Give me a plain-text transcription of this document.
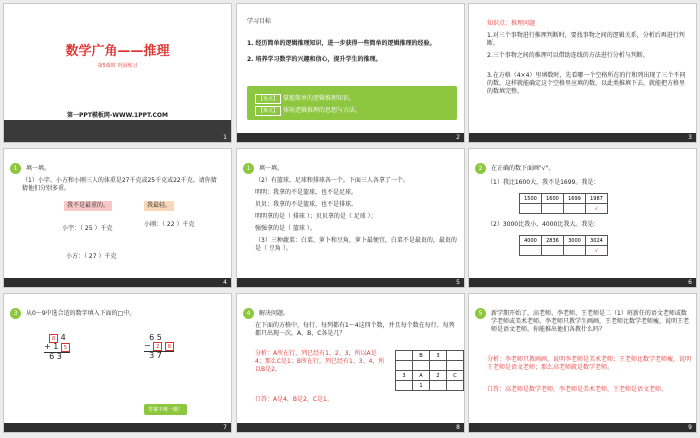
数学广角——推理
第5课时 巩固练习
第一PPT模板网-WWW.1PPT.COM
1
学习目标
1. 经历简单的逻辑推理知识，进一步获得一些简单的逻辑推理的经验。
2. 培养学习数学的兴趣和信心，提升学生的推理。
【重点】 掌握简单的逻辑推理知识。
【难点】 体验逻辑推理的思想与方法。
2
知识点：推理问题
1.对三个事物进行推理判断时，要找事物之间的逻辑关系，分析后再进行判断。
2.三个事物之间的推理可以借助连线的方法进行分析与判断。
3.在方格（4×4）里填数时，先看哪一个空格所在的行和列出现了三个不同的数，这样就能确定这个空格里应填的数，以此类推填下去，就能把方格里的数填完整。
3
1	填一填。
（1）小字、小方和小刚三人的体重是27千克或25千克或22千克。请你猜猜他们分别多重。
我不是最重的。	我最轻。
小宇：（ 25 ）千克
小刚：（ 22 ）千克
小方：（ 27 ）千克
4
1	填一填。
（2）有篮球、足球和排球各一个。下面三人各拿了一个。
明明：我拿的不是篮球，也不是足球。
贝贝：我拿的不是篮球，也不是排球。
明明拿的是（ 排球 ）；贝贝拿的是（ 足球 ）；
强强拿的是（ 篮球 ）。
（3）三种蔬菜：白菜、萝卜和豆角，萝卜最便宜，白菜不是最贵的，最贵的是（ 豆角 ）。
5
2	在正确的数下面画"√"。
（1）我比1600大，我不是1699。我是：
1500	1600	1699	1987
			√
（2）3000比我小，4000比我大。我是：
4000	2836	3000	3024
			√
6
3	从0～9中选合适的数字填入下面的□中。
8 4
+ 1 5
6 3
6 5
− 2 8
3 7
答案不唯一哦！
7
4	解决问题。
在下面的方格中，每行、每列都有1～4这四个数，并且每个数在每行、每列都只出现一次。A、B、C各是几？
分析：A所在行，列已经有1、2、3，所以A是4；那么C是1；B所在行，列已经有1、3、4，所以B是2。
口答：A是4，B是2，C是1。
	B	3	

3	A	2	C
	1		
8
5	新学期开始了，高老师、李老师、王老师是二（1）班新任的语文老师或数学老师或美术老师。李老师只教学生画画，王老师比数学老师瘦，说明王老师是语文老师。你能推出他们各教什么吗？
分析：李老师只教画画，说明李老师是美术老师；王老师比数学老师瘦，说明王老师是语文老师；那么高老师就是数学老师。
口答：高老师是数学老师，李老师是美术老师，王老师是语文老师。
9
